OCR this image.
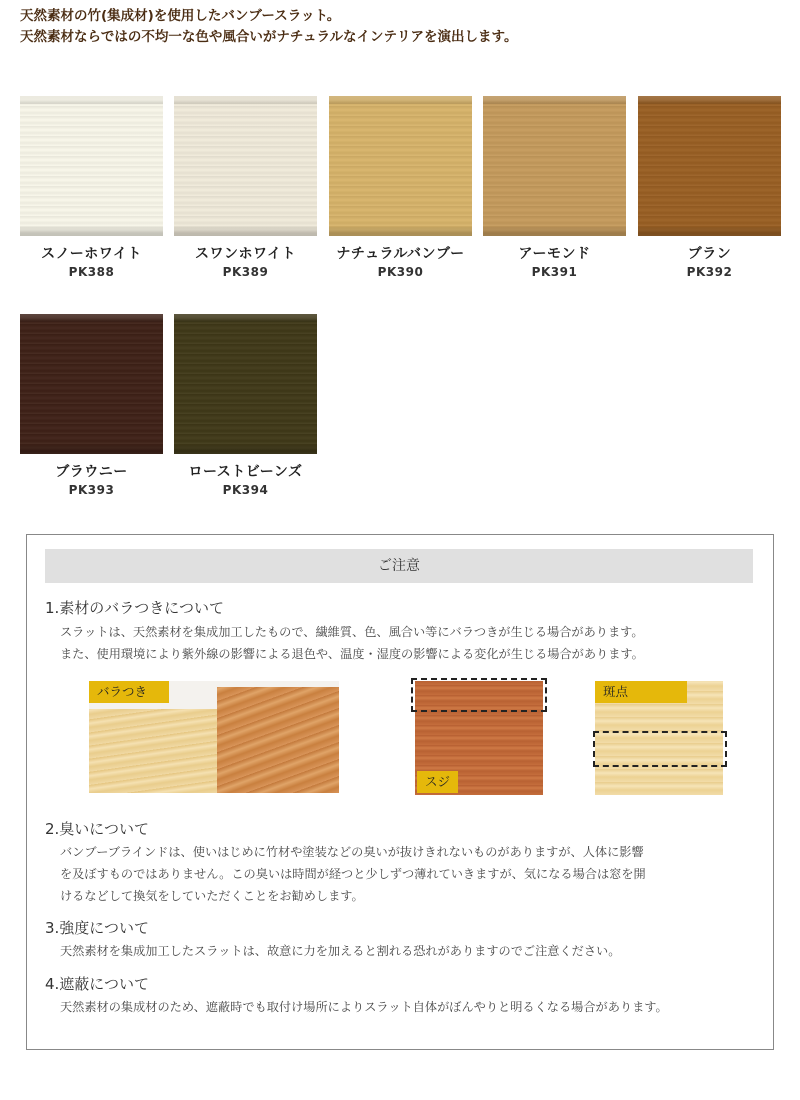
天然素材の竹(集成材)を使用したバンブースラット。

天然素材ならではの不均一な色や風合いがナチュラルなインテリアを演出します。

スノーホワイト
PK388
スワンホワイト
PK389
ナチュラルバンブー
PK390
アーモンド
PK391
ブラン
PK392
ブラウニー
PK393
ローストビーンズ
PK394
ご注意
1.素材のバラつきについて
スラットは、天然素材を集成加工したもので、繊維質、色、風合い等にバラつきが生じる場合があります。
また、使用環境により紫外線の影響による退色や、温度・湿度の影響による変化が生じる場合があります。
バラつき
スジ
斑点
2.臭いについて
バンブーブラインドは、使いはじめに竹材や塗装などの臭いが抜けきれないものがありますが、人体に影響
を及ぼすものではありません。この臭いは時間が経つと少しずつ薄れていきますが、気になる場合は窓を開
けるなどして換気をしていただくことをお勧めします。
3.強度について
天然素材を集成加工したスラットは、故意に力を加えると割れる恐れがありますのでご注意ください。
4.遮蔽について
天然素材の集成材のため、遮蔽時でも取付け場所によりスラット自体がぼんやりと明るくなる場合があります。
